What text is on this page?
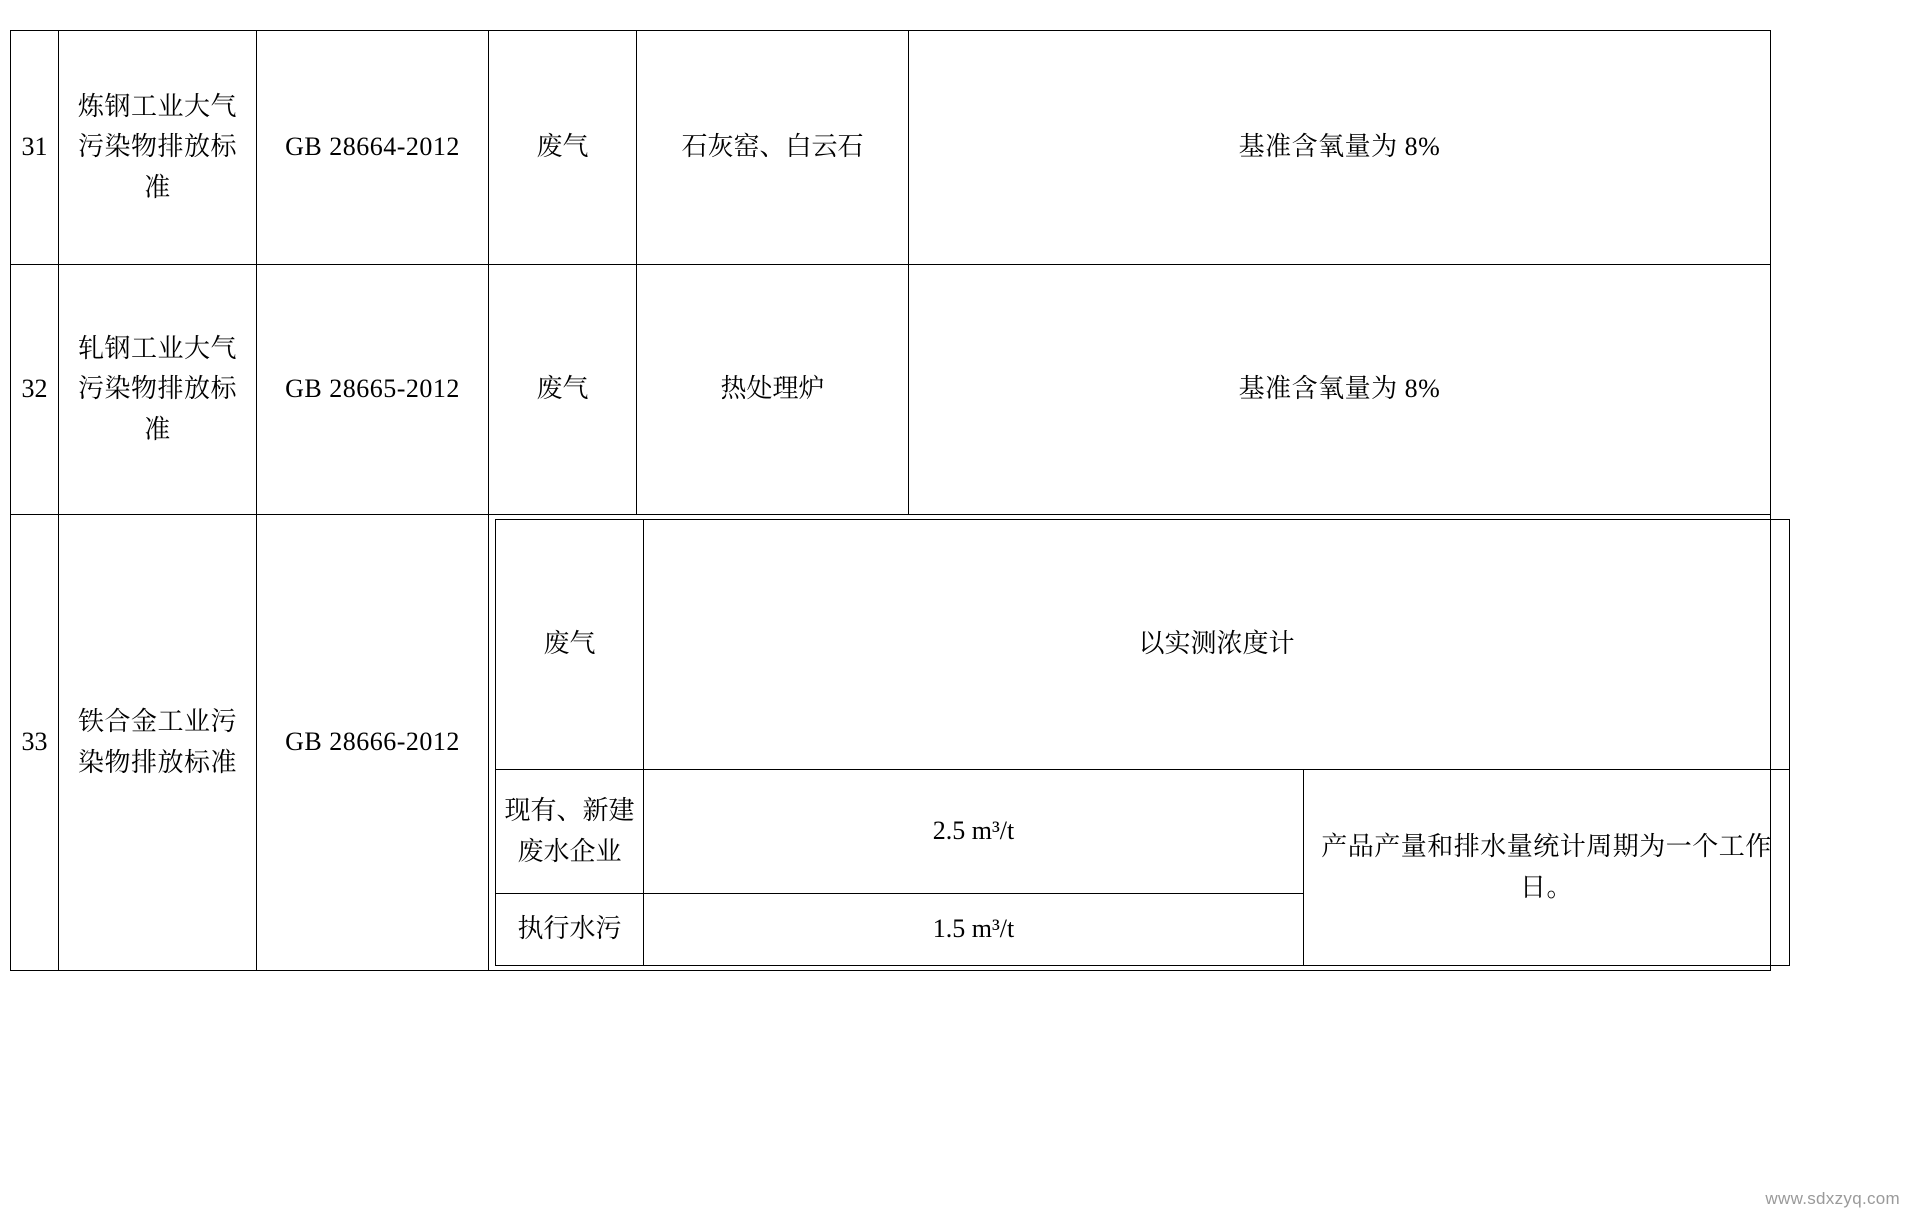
31	炼钢工业大气污染物排放标准	GB 28664-2012	废气	石灰窑、白云石	基准含氧量为 8%
32	轧钢工业大气污染物排放标准	GB 28665-2012	废气	热处理炉	基准含氧量为 8%
33	铁合金工业污染物排放标准	GB 28666-2012	
废气	以实测浓度计
现有、新建废水企业	2.5 m³/t	产品产量和排水量统计周期为一个工作日。
执行水污	1.5 m³/t
www.sdxzyq.com
